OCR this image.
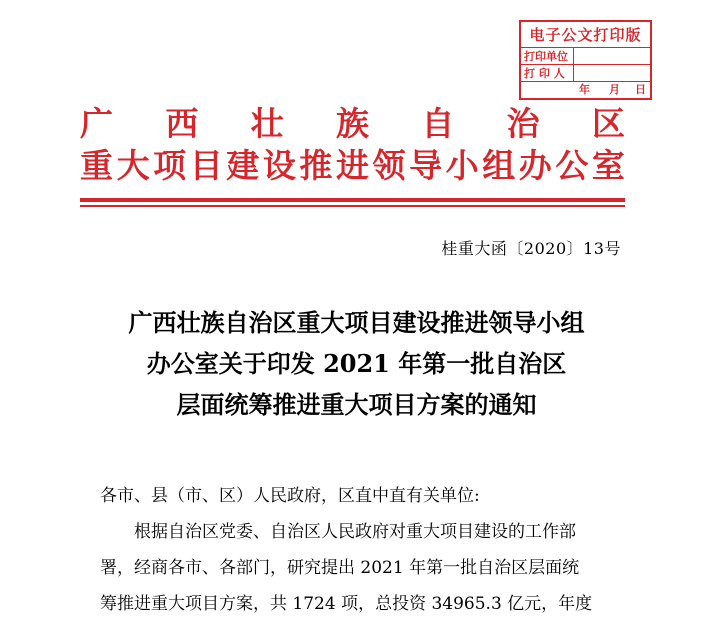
电子公文打印版
打印单位
打 印 人
年 月 日
广 西 壮 族 自 治 区
重 大 项 目 建 设 推 进 领 导 小 组 办 公 室
桂重大函〔2020〕13号
广西壮族自治区重大项目建设推进领导小组
办公室关于印发 2021 年第一批自治区
层面统筹推进重大项目方案的通知

各市、县（市、区）人民政府，区直中直有关单位:

根据自治区党委、自治区人民政府对重大项目建设的工作部

署，经商各市、各部门，研究提出 2021 年第一批自治区层面统

筹推进重大项目方案，共 1724 项，总投资 34965.3 亿元，年度
